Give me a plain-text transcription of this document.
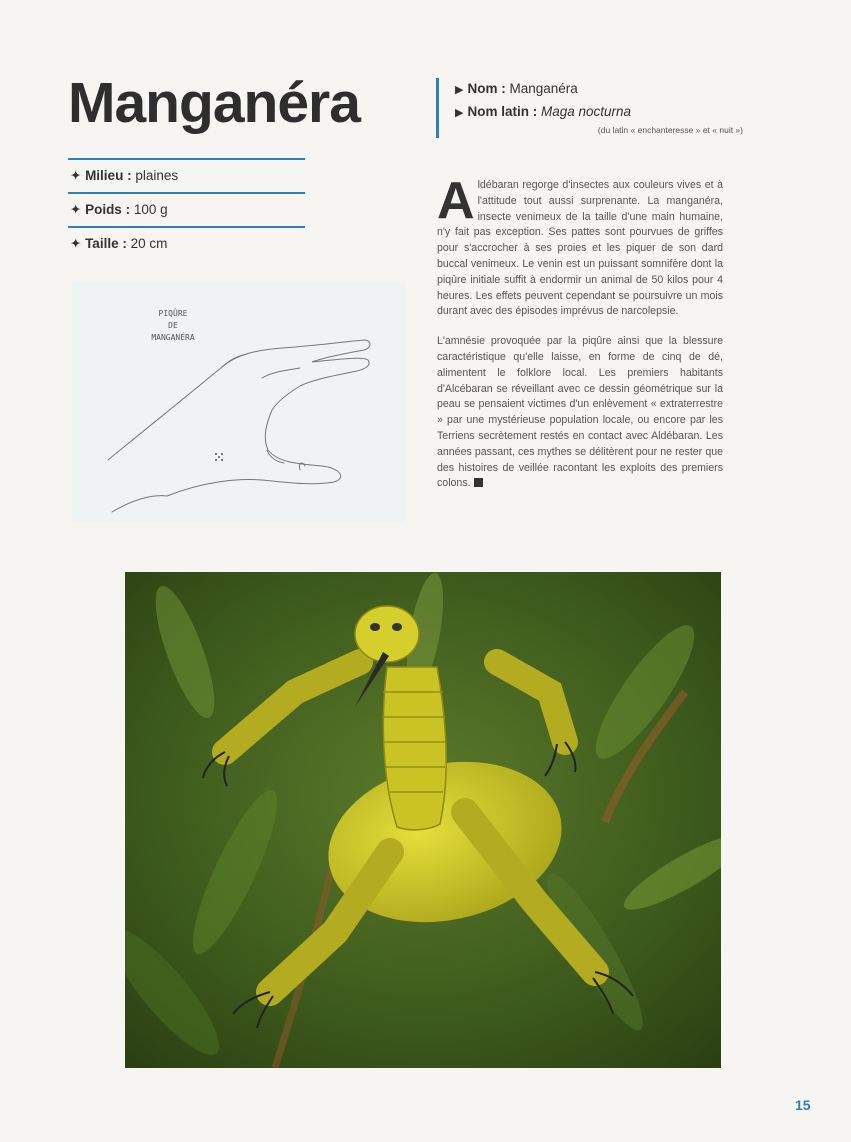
Manganéra	▶ Nom : Manganéra
▶ Nom latin : Maga nocturna
(du latin « enchanteresse » et « nuit »)
✦ Milieu : plaines
✦ Poids : 100 g
✦ Taille : 20 cm
PIQÛRE
DE
MANGANÉRA

Aldébaran regorge d'insectes aux couleurs vives et à l'attitude tout aussi surprenante. La manganéra, insecte venimeux de la taille d'une main humaine, n'y fait pas exception. Ses pattes sont pourvues de griffes pour s'accrocher à ses proies et les piquer de son dard buccal venimeux. Le venin est un puissant somnifère dont la piqûre initiale suffit à endormir un animal de 50 kilos pour 4 heures. Les effets peuvent cependant se poursuivre un mois durant avec des épisodes imprévus de narcolepsie.

L'amnésie provoquée par la piqûre ainsi que la blessure caractéristique qu'elle laisse, en forme de cinq de dé, alimentent le folklore local. Les premiers habitants d'Alcébaran se réveillant avec ce dessin géométrique sur la peau se pensaient victimes d'un enlèvement « extraterrestre » par une mystérieuse population locale, ou encore par les Terriens secrètement restés en contact avec Aldébaran. Les années passant, ces mythes se délitèrent pour ne rester que des histoires de veillée racontant les exploits des premiers colons.

15
